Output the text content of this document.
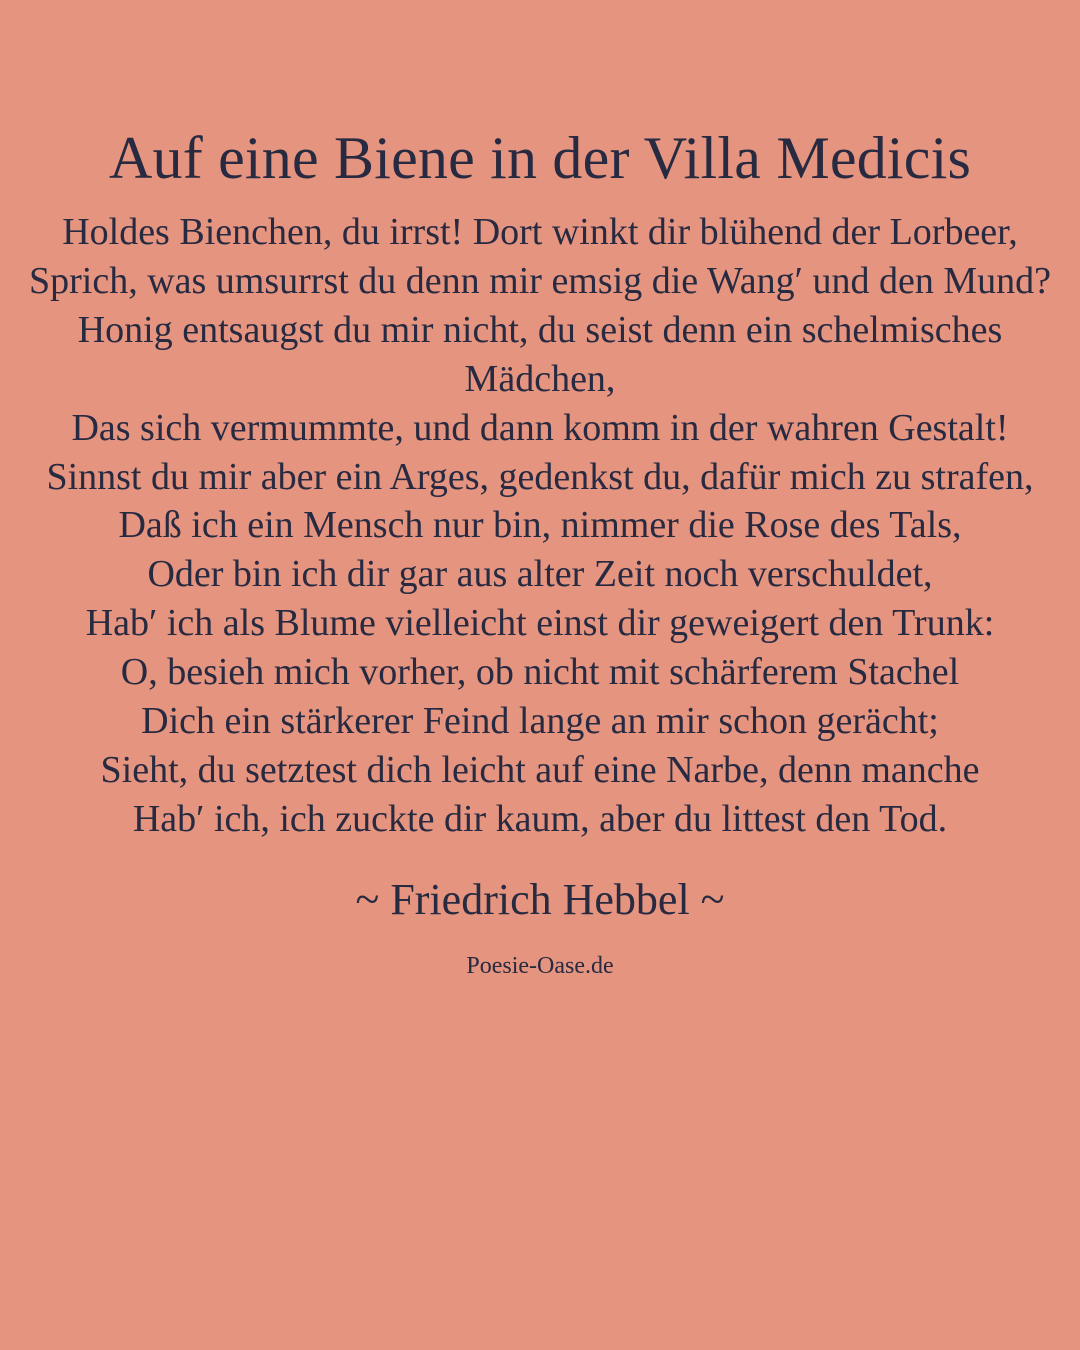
Auf eine Biene in der Villa Medicis
Holdes Bienchen, du irrst! Dort winkt dir blühend der Lorbeer,
Sprich, was umsurrst du denn mir emsig die Wang′ und den Mund?
Honig entsaugst du mir nicht, du seist denn ein schelmisches Mädchen,
Das sich vermummte, und dann komm in der wahren Gestalt!
Sinnst du mir aber ein Arges, gedenkst du, dafür mich zu strafen,
Daß ich ein Mensch nur bin, nimmer die Rose des Tals,
Oder bin ich dir gar aus alter Zeit noch verschuldet,
Hab′ ich als Blume vielleicht einst dir geweigert den Trunk:
O, besieh mich vorher, ob nicht mit schärferem Stachel
Dich ein stärkerer Feind lange an mir schon gerächt;
Sieht, du setztest dich leicht auf eine Narbe, denn manche
Hab′ ich, ich zuckte dir kaum, aber du littest den Tod.
~ Friedrich Hebbel ~
Poesie-Oase.de
